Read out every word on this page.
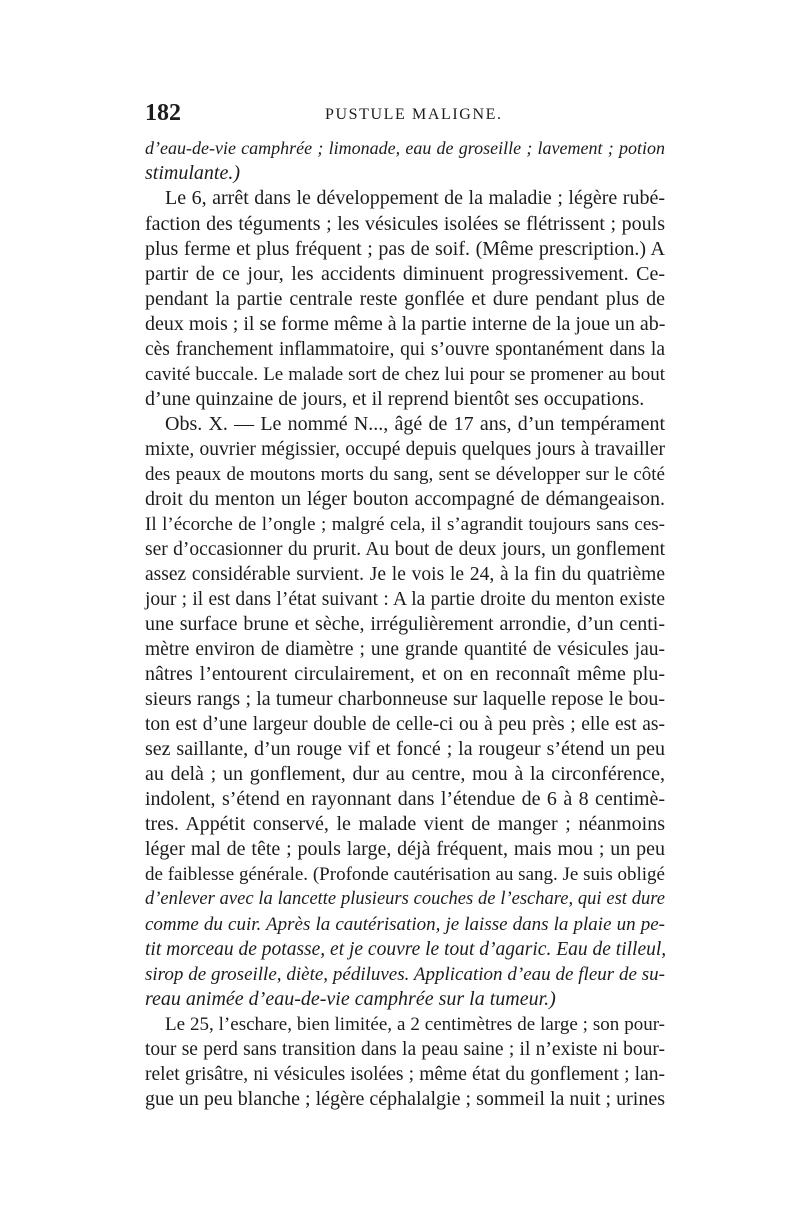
182	PUSTULE MALIGNE.
d’eau-de-vie camphrée ; limonade, eau de groseille ; lavement ; potion
stimulante.)
Le 6, arrêt dans le développement de la maladie ; légère rubé-
faction des téguments ; les vésicules isolées se flétrissent ; pouls
plus ferme et plus fréquent ; pas de soif. (Même prescription.) A
partir de ce jour, les accidents diminuent progressivement. Ce-
pendant la partie centrale reste gonflée et dure pendant plus de
deux mois ; il se forme même à la partie interne de la joue un ab-
cès franchement inflammatoire, qui s’ouvre spontanément dans la
cavité buccale. Le malade sort de chez lui pour se promener au bout
d’une quinzaine de jours, et il reprend bientôt ses occupations.
Obs. X. — Le nommé N..., âgé de 17 ans, d’un tempérament
mixte, ouvrier mégissier, occupé depuis quelques jours à travailler
des peaux de moutons morts du sang, sent se développer sur le côté
droit du menton un léger bouton accompagné de démangeaison.
Il l’écorche de l’ongle ; malgré cela, il s’agrandit toujours sans ces-
ser d’occasionner du prurit. Au bout de deux jours, un gonflement
assez considérable survient. Je le vois le 24, à la fin du quatrième
jour ; il est dans l’état suivant : A la partie droite du menton existe
une surface brune et sèche, irrégulièrement arrondie, d’un centi-
mètre environ de diamètre ; une grande quantité de vésicules jau-
nâtres l’entourent circulairement, et on en reconnaît même plu-
sieurs rangs ; la tumeur charbonneuse sur laquelle repose le bou-
ton est d’une largeur double de celle-ci ou à peu près ; elle est as-
sez saillante, d’un rouge vif et foncé ; la rougeur s’étend un peu
au delà ; un gonflement, dur au centre, mou à la circonférence,
indolent, s’étend en rayonnant dans l’étendue de 6 à 8 centimè-
tres. Appétit conservé, le malade vient de manger ; néanmoins
léger mal de tête ; pouls large, déjà fréquent, mais mou ; un peu
de faiblesse générale. (Profonde cautérisation au sang. Je suis obligé
d’enlever avec la lancette plusieurs couches de l’eschare, qui est dure
comme du cuir. Après la cautérisation, je laisse dans la plaie un pe-
tit morceau de potasse, et je couvre le tout d’agaric. Eau de tilleul,
sirop de groseille, diète, pédiluves. Application d’eau de fleur de su-
reau animée d’eau-de-vie camphrée sur la tumeur.)
Le 25, l’eschare, bien limitée, a 2 centimètres de large ; son pour-
tour se perd sans transition dans la peau saine ; il n’existe ni bour-
relet grisâtre, ni vésicules isolées ; même état du gonflement ; lan-
gue un peu blanche ; légère céphalalgie ; sommeil la nuit ; urines
